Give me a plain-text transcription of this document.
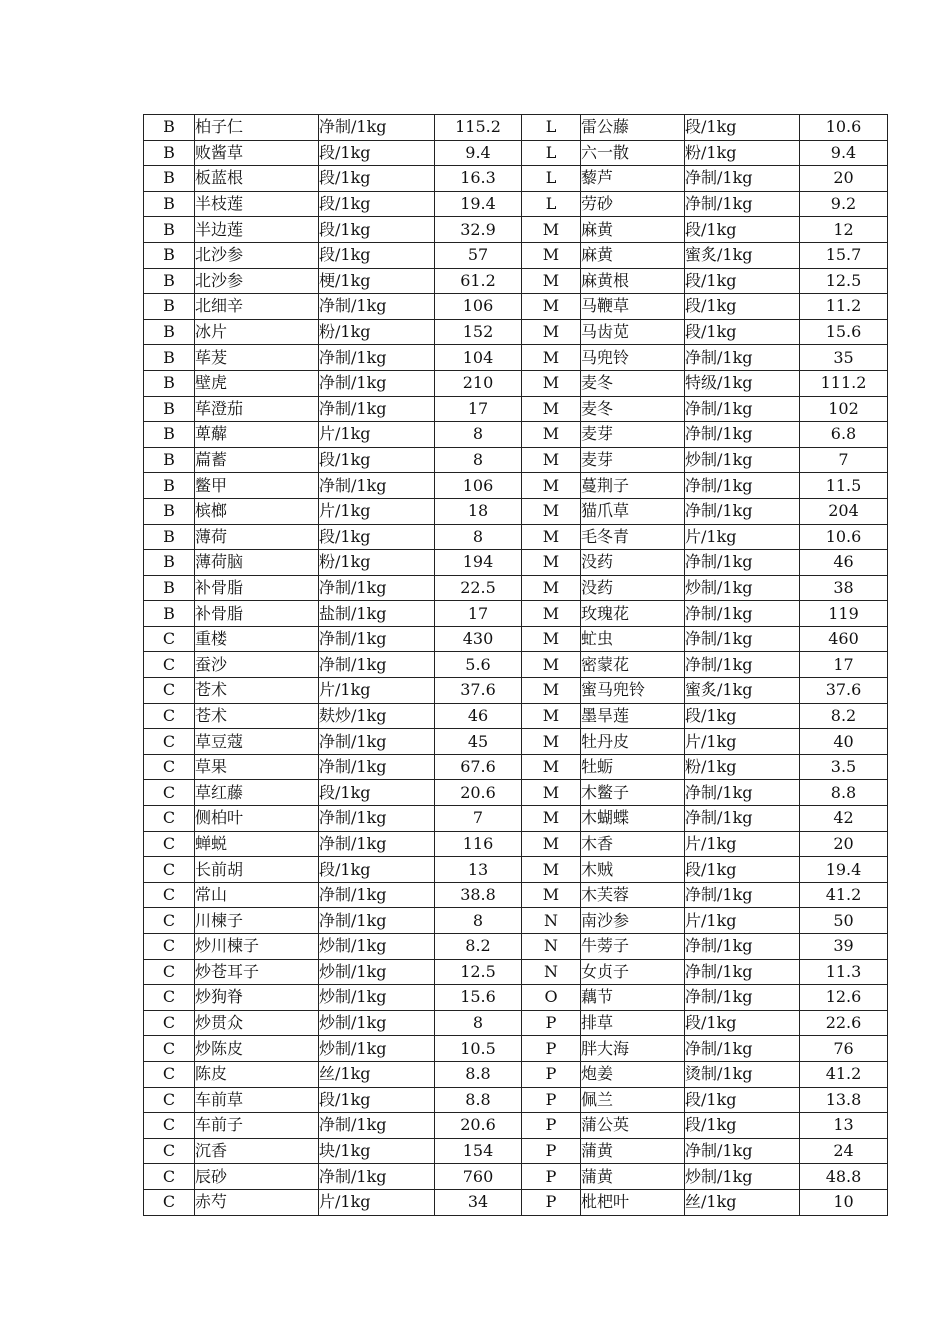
B	柏子仁	净制/1kg	115.2	L	雷公藤	段/1kg	10.6
B	败酱草	段/1kg	9.4	L	六一散	粉/1kg	9.4
B	板蓝根	段/1kg	16.3	L	藜芦	净制/1kg	20
B	半枝莲	段/1kg	19.4	L	劳砂	净制/1kg	9.2
B	半边莲	段/1kg	32.9	M	麻黄	段/1kg	12
B	北沙参	段/1kg	57	M	麻黄	蜜炙/1kg	15.7
B	北沙参	梗/1kg	61.2	M	麻黄根	段/1kg	12.5
B	北细辛	净制/1kg	106	M	马鞭草	段/1kg	11.2
B	冰片	粉/1kg	152	M	马齿苋	段/1kg	15.6
B	荜茇	净制/1kg	104	M	马兜铃	净制/1kg	35
B	壁虎	净制/1kg	210	M	麦冬	特级/1kg	111.2
B	荜澄茄	净制/1kg	17	M	麦冬	净制/1kg	102
B	萆薢	片/1kg	8	M	麦芽	净制/1kg	6.8
B	萹蓄	段/1kg	8	M	麦芽	炒制/1kg	7
B	鳖甲	净制/1kg	106	M	蔓荆子	净制/1kg	11.5
B	槟榔	片/1kg	18	M	猫爪草	净制/1kg	204
B	薄荷	段/1kg	8	M	毛冬青	片/1kg	10.6
B	薄荷脑	粉/1kg	194	M	没药	净制/1kg	46
B	补骨脂	净制/1kg	22.5	M	没药	炒制/1kg	38
B	补骨脂	盐制/1kg	17	M	玫瑰花	净制/1kg	119
C	重楼	净制/1kg	430	M	虻虫	净制/1kg	460
C	蚕沙	净制/1kg	5.6	M	密蒙花	净制/1kg	17
C	苍术	片/1kg	37.6	M	蜜马兜铃	蜜炙/1kg	37.6
C	苍术	麸炒/1kg	46	M	墨旱莲	段/1kg	8.2
C	草豆蔻	净制/1kg	45	M	牡丹皮	片/1kg	40
C	草果	净制/1kg	67.6	M	牡蛎	粉/1kg	3.5
C	草红藤	段/1kg	20.6	M	木鳖子	净制/1kg	8.8
C	侧柏叶	净制/1kg	7	M	木蝴蝶	净制/1kg	42
C	蝉蜕	净制/1kg	116	M	木香	片/1kg	20
C	长前胡	段/1kg	13	M	木贼	段/1kg	19.4
C	常山	净制/1kg	38.8	M	木芙蓉	净制/1kg	41.2
C	川楝子	净制/1kg	8	N	南沙参	片/1kg	50
C	炒川楝子	炒制/1kg	8.2	N	牛蒡子	净制/1kg	39
C	炒苍耳子	炒制/1kg	12.5	N	女贞子	净制/1kg	11.3
C	炒狗脊	炒制/1kg	15.6	O	藕节	净制/1kg	12.6
C	炒贯众	炒制/1kg	8	P	排草	段/1kg	22.6
C	炒陈皮	炒制/1kg	10.5	P	胖大海	净制/1kg	76
C	陈皮	丝/1kg	8.8	P	炮姜	烫制/1kg	41.2
C	车前草	段/1kg	8.8	P	佩兰	段/1kg	13.8
C	车前子	净制/1kg	20.6	P	蒲公英	段/1kg	13
C	沉香	块/1kg	154	P	蒲黄	净制/1kg	24
C	辰砂	净制/1kg	760	P	蒲黄	炒制/1kg	48.8
C	赤芍	片/1kg	34	P	枇杷叶	丝/1kg	10
